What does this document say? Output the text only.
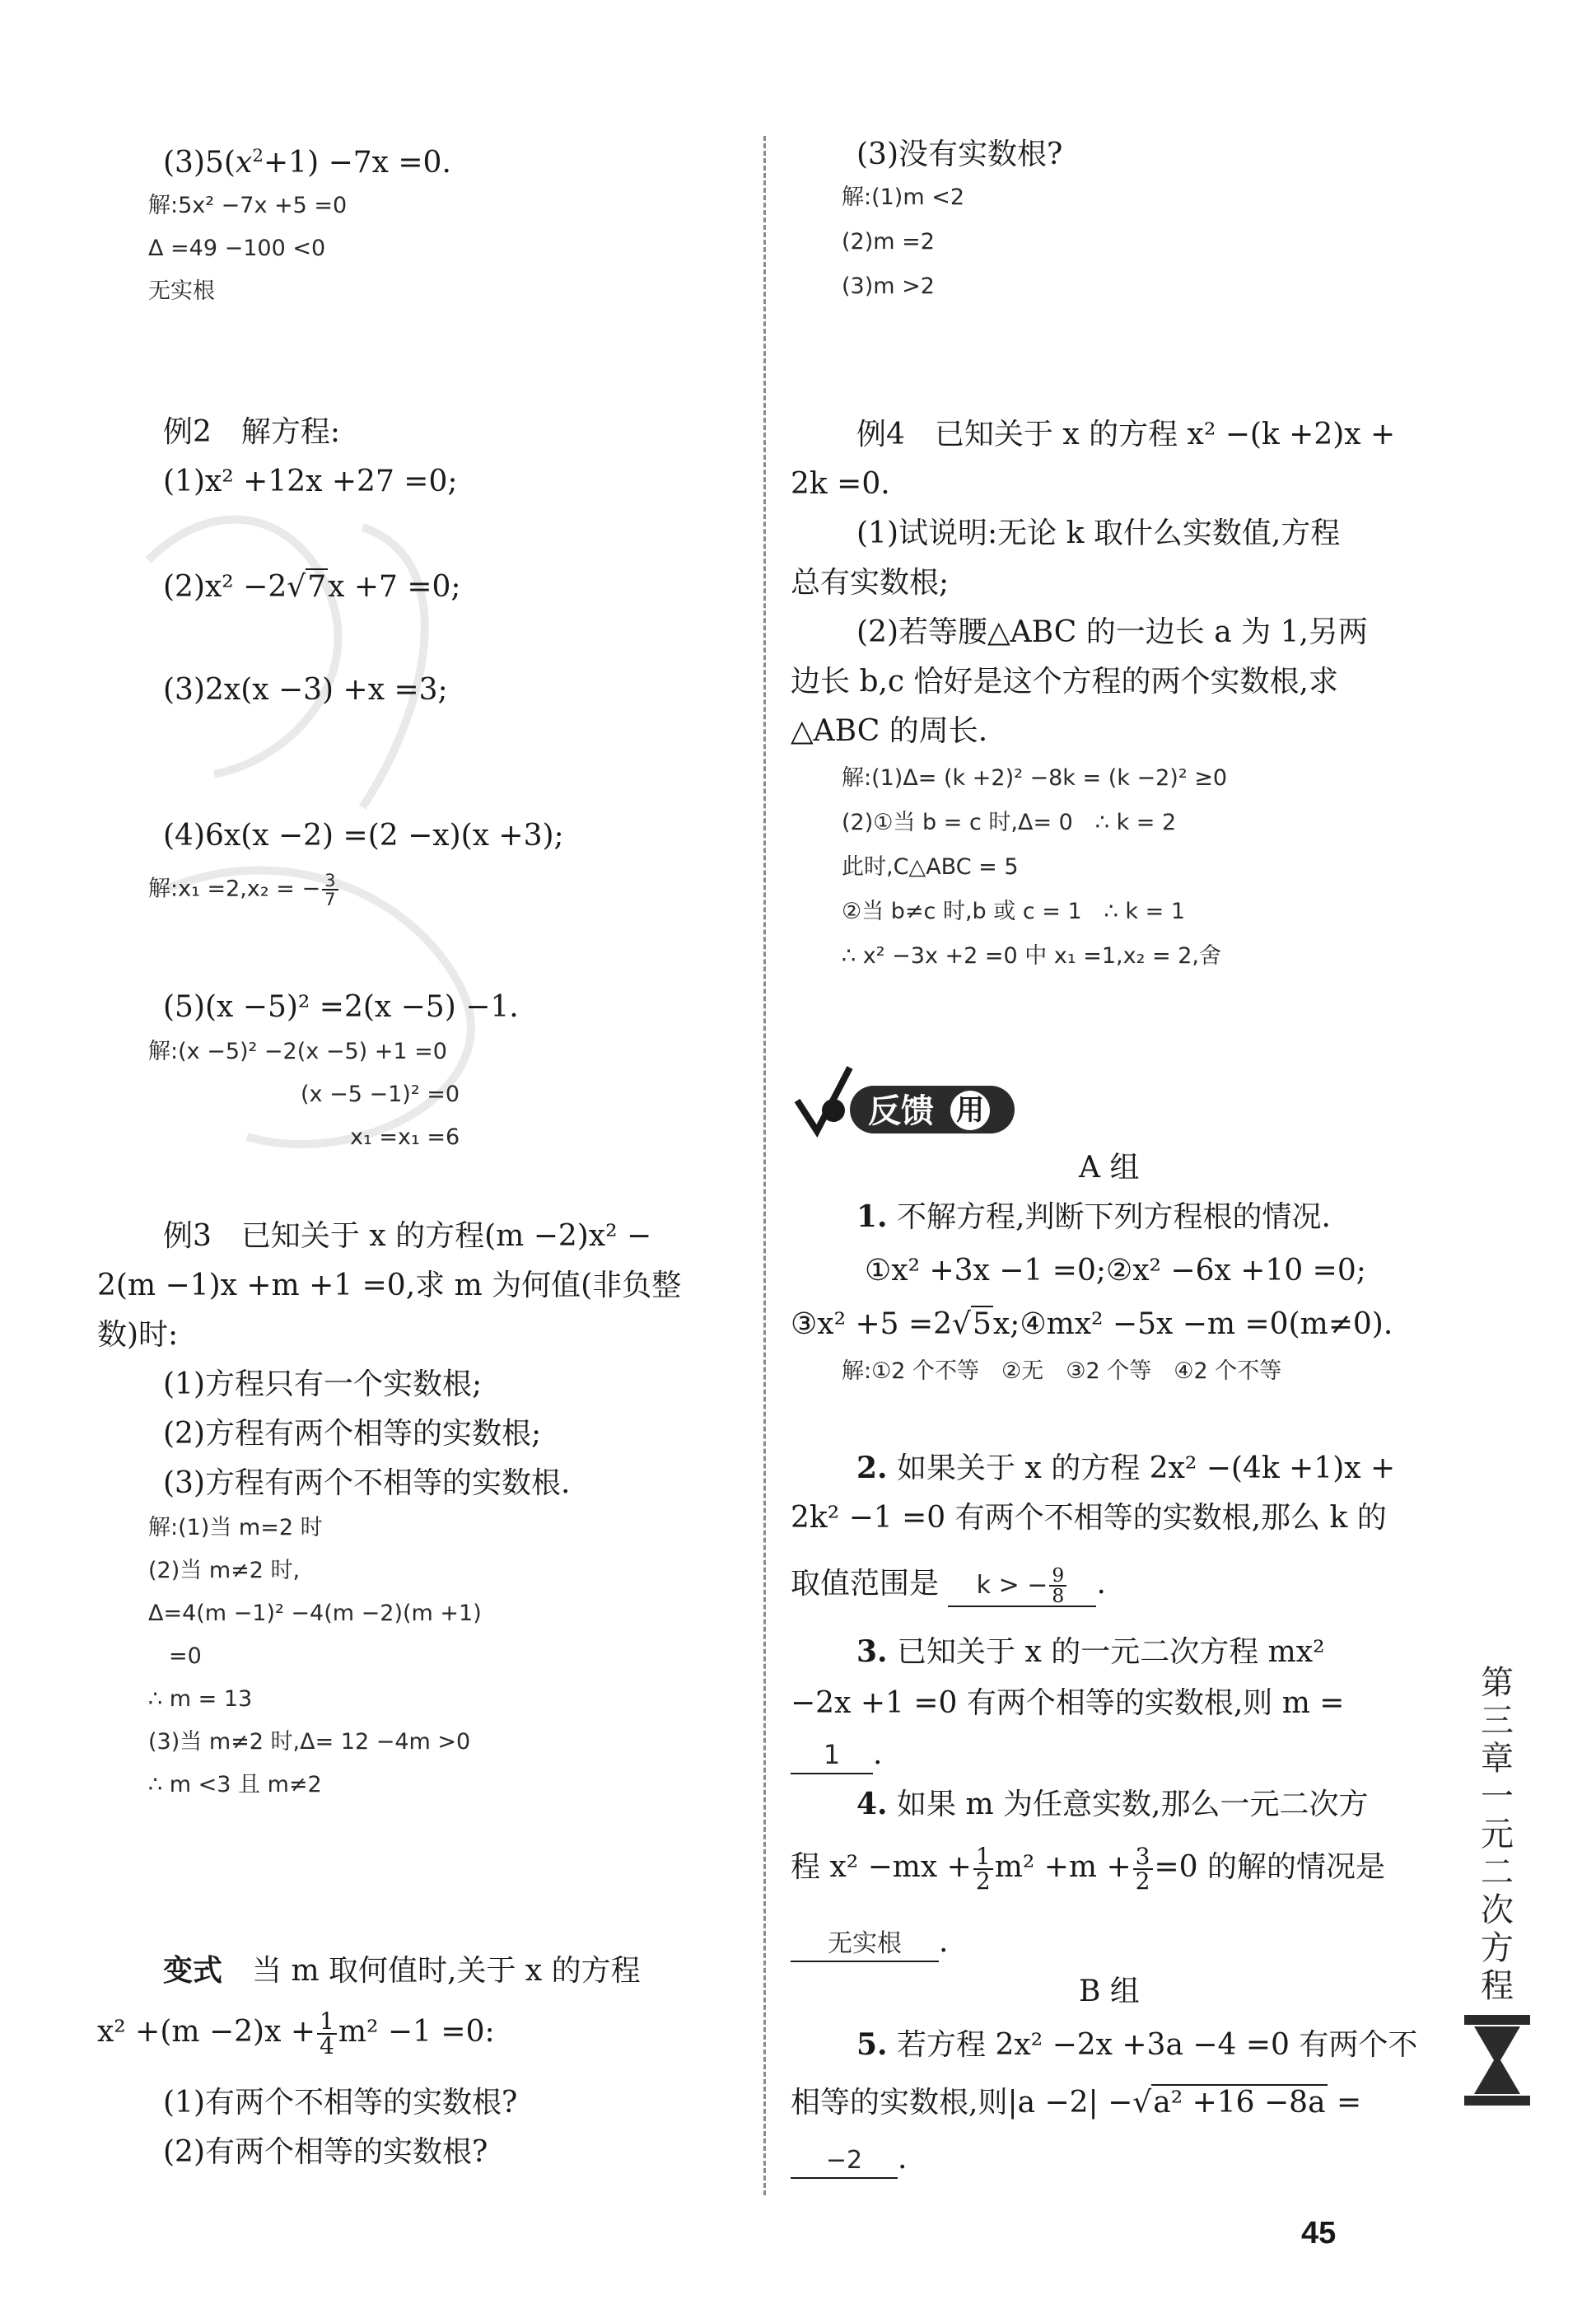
$(3)5(x^2+1) -7x =0$.
解:5x² −7x +5 =0
Δ =49 −100 <0
无实根
例2　解方程:
(1)x² +12x +27 =0;
(2)x² −2√7x +7 =0;
(3)2x(x −3) +x =3;
(4)6x(x −2) =(2 −x)(x +3);
解:x₁ =2,x₂ = − $\frac{3}{7}$
(5)(x −5)² =2(x −5) −1.
解:(x −5)² −2(x −5) +1 =0
(x −5 −1)² =0
x₁ =x₁ =6
例3　已知关于 x 的方程(m −2)x² −
2(m −1)x +m +1 =0,求 m 为何值(非负整
数)时:
(1)方程只有一个实数根;
(2)方程有两个相等的实数根;
(3)方程有两个不相等的实数根.
解:(1)当 m=2 时
(2)当 m≠2 时,
Δ=4(m −1)² −4(m −2)(m +1)
=0
∴ m = 13
(3)当 m≠2 时,Δ= 12 −4m >0
∴ m <3 且 m≠2
变式　当 m 取何值时,关于 x 的方程
$x^2 +(m -2)x + \frac{1}{4} m^2 -1 =0$:
(1)有两个不相等的实数根?
(2)有两个相等的实数根?
(3)没有实数根?
解:(1)m <2
(2)m =2
(3)m >2
例4　已知关于 x 的方程 x² −(k +2)x +
2k =0.
(1)试说明:无论 k 取什么实数值,方程
总有实数根;
(2)若等腰△ABC 的一边长 a 为 1,另两
边长 b,c 恰好是这个方程的两个实数根,求
△ABC 的周长.
解:(1)Δ= (k +2)² −8k = (k −2)² ≥0
(2)①当 b = c 时,Δ= 0　∴ k = 2
此时,C△ABC = 5
②当 b≠c 时,b 或 c = 1　∴ k = 1
∴ x² −3x +2 =0 中 x₁ =1,x₂ = 2,舍
反馈 用
A 组
1. 不解方程,判断下列方程根的情况.
①x² +3x −1 =0;②x² −6x +10 =0;
③x² +5 =2√5x;④mx² −5x −m =0(m≠0).
解:①2 个不等　②无　③2 个等　④2 个不等
2. 如果关于 x 的方程 2x² −(4k +1)x +
2k² −1 =0 有两个不相等的实数根,那么 k 的
取值范围是 k > − $\frac{9}{8}$ .
3. 已知关于 x 的一元二次方程 mx²
−2x +1 =0 有两个相等的实数根,则 m =
1 .
4. 如果 m 为任意实数,那么一元二次方
程 $x^2 -mx + \frac{1}{2} m^2 +m + \frac{3}{2} =0$ 的解的情况是
无实根 .
B 组
5. 若方程 2x² −2x +3a −4 =0 有两个不
相等的实数根,则|a −2| −√a² +16 −8a =
−2 .
第三章　一元二次方程
45
